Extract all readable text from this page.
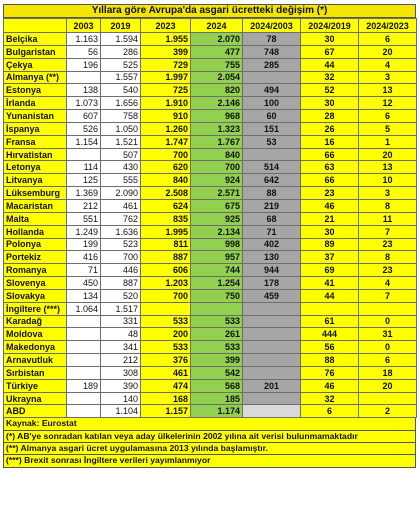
Yıllara göre Avrupa'da asgari ücretteki değişim (*)
	2003	2019	2023	2024	2024/2003	2024/2019	2024/2023
Belçika	1.163	1.594	1.955	2.070	78	30	6
Bulgaristan	56	286	399	477	748	67	20
Çekya	196	525	729	755	285	44	4
Almanya (**)		1.557	1.997	2.054		32	3
Estonya	138	540	725	820	494	52	13
İrlanda	1.073	1.656	1.910	2.146	100	30	12
Yunanistan	607	758	910	968	60	28	6
İspanya	526	1.050	1.260	1.323	151	26	5
Fransa	1.154	1.521	1.747	1.767	53	16	1
Hırvatistan		507	700	840		66	20
Letonya	114	430	620	700	514	63	13
Litvanya	125	555	840	924	642	66	10
Lüksemburg	1.369	2.090	2.508	2.571	88	23	3
Macaristan	212	461	624	675	219	46	8
Malta	551	762	835	925	68	21	11
Hollanda	1.249	1.636	1.995	2.134	71	30	7
Polonya	199	523	811	998	402	89	23
Portekiz	416	700	887	957	130	37	8
Romanya	71	446	606	744	944	69	23
Slovenya	450	887	1.203	1.254	178	41	4
Slovakya	134	520	700	750	459	44	7
İngiltere (***)	1.064	1.517					
Karadağ		331	533	533		61	0
Moldova		48	200	261		444	31
Makedonya		341	533	533		56	0
Arnavutluk		212	376	399		88	6
Sırbistan		308	461	542		76	18
Türkiye	189	390	474	568	201	46	20
Ukrayna		140	168	185		32	
ABD		1.104	1.157	1.174		6	2
Kaynak: Eurostat
(*) AB'ye sonradan katılan veya aday ülkelerinin 2002 yılına ait verisi bulunmamaktadır
(**) Almanya asgari ücret uygulamasına 2013 yılında başlamıştır.
(***) Brexit sonrası İngiltere verileri yayımlanmıyor
